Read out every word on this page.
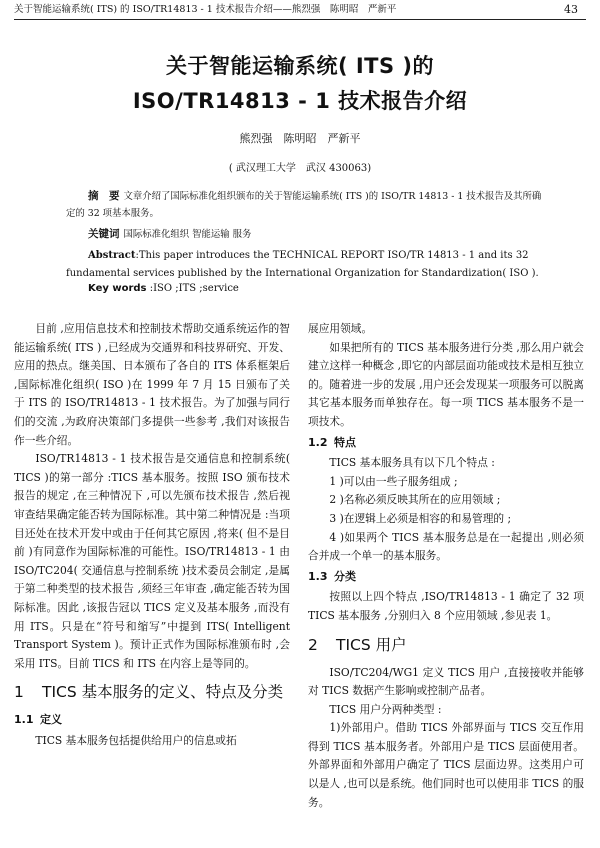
关于智能运输系统( ITS) 的 ISO/TR14813 - 1 技术报告介绍——熊烈强　陈明昭　严新平	43
关于智能运输系统( ITS )的
ISO/TR14813 - 1 技术报告介绍
熊烈强　陈明昭　严新平
( 武汉理工大学　武汉 430063)
摘　要 文章介绍了国际标准化组织颁布的关于智能运输系统( ITS )的 ISO/TR 14813 - 1 技术报告及其所确定的 32 项基本服务。
关键词 国际标准化组织 智能运输 服务
Abstract:This paper introduces the TECHNICAL REPORT ISO/TR 14813 - 1 and its 32 fundamental services published by the International Organization for Standardization( ISO ).
Key words :ISO ;ITS ;service

目前 ,应用信息技术和控制技术帮助交通系统运作的智能运输系统( ITS ) ,已经成为交通界和科技界研究、开发、应用的热点。继美国、日本颁布了各自的 ITS 体系框架后 ,国际标准化组织( ISO )在 1999 年 7 月 15 日颁布了关于 ITS 的 ISO/TR14813 - 1 技术报告。为了加强与同行们的交流 ,为政府决策部门多提供一些参考 ,我们对该报告作一些介绍。

ISO/TR14813 - 1 技术报告是交通信息和控制系统( TICS )的第一部分 :TICS 基本服务。按照 ISO 颁布技术报告的规定 ,在三种情况下 ,可以先颁布技术报告 ,然后视审查结果确定能否转为国际标准。其中第二种情况是 :当项目还处在技术开发中或由于任何其它原因 ,将来( 但不是目前 )有同意作为国际标准的可能性。ISO/TR14813 - 1 由 ISO/TC204( 交通信息与控制系统 )技术委员会制定 ,是属于第二种类型的技术报告 ,须经三年审查 ,确定能否转为国际标准。因此 ,该报告冠以 TICS 定义及基本服务 ,而没有用 ITS。只是在“符号和缩写”中提到 ITS( Intelligent Transport System )。预计正式作为国际标准颁布时 ,会采用 ITS。目前 TICS 和 ITS 在内容上是等同的。

1 TICS 基本服务的定义、特点及分类
1.1 定义

TICS 基本服务包括提供给用户的信息或拓

展应用领域。

如果把所有的 TICS 基本服务进行分类 ,那么用户就会建立这样一种概念 ,即它的内部层面功能或技术是相互独立的。随着进一步的发展 ,用户还会发现某一项服务可以脱离其它基本服务而单独存在。每一项 TICS 基本服务不是一项技术。

1.2 特点

TICS 基本服务具有以下几个特点 :

1 )可以由一些子服务组成 ;

2 )名称必须反映其所在的应用领域 ;

3 )在逻辑上必须是相容的和易管理的 ;

4 )如果两个 TICS 基本服务总是在一起提出 ,则必须合并成一个单一的基本服务。

1.3 分类

按照以上四个特点 ,ISO/TR14813 - 1 确定了 32 项 TICS 基本服务 ,分别归入 8 个应用领域 ,参见表 1。

2 TICS 用户

ISO/TC204/WG1 定义 TICS 用户 ,直接接收并能够对 TICS 数据产生影响或控制产品者。

TICS 用户分两种类型 :

1)外部用户。借助 TICS 外部界面与 TICS 交互作用得到 TICS 基本服务者。外部用户是 TICS 层面使用者。外部界面和外部用户确定了 TICS 层面边界。这类用户可以是人 ,也可以是系统。他们同时也可以使用非 TICS 的服务。
